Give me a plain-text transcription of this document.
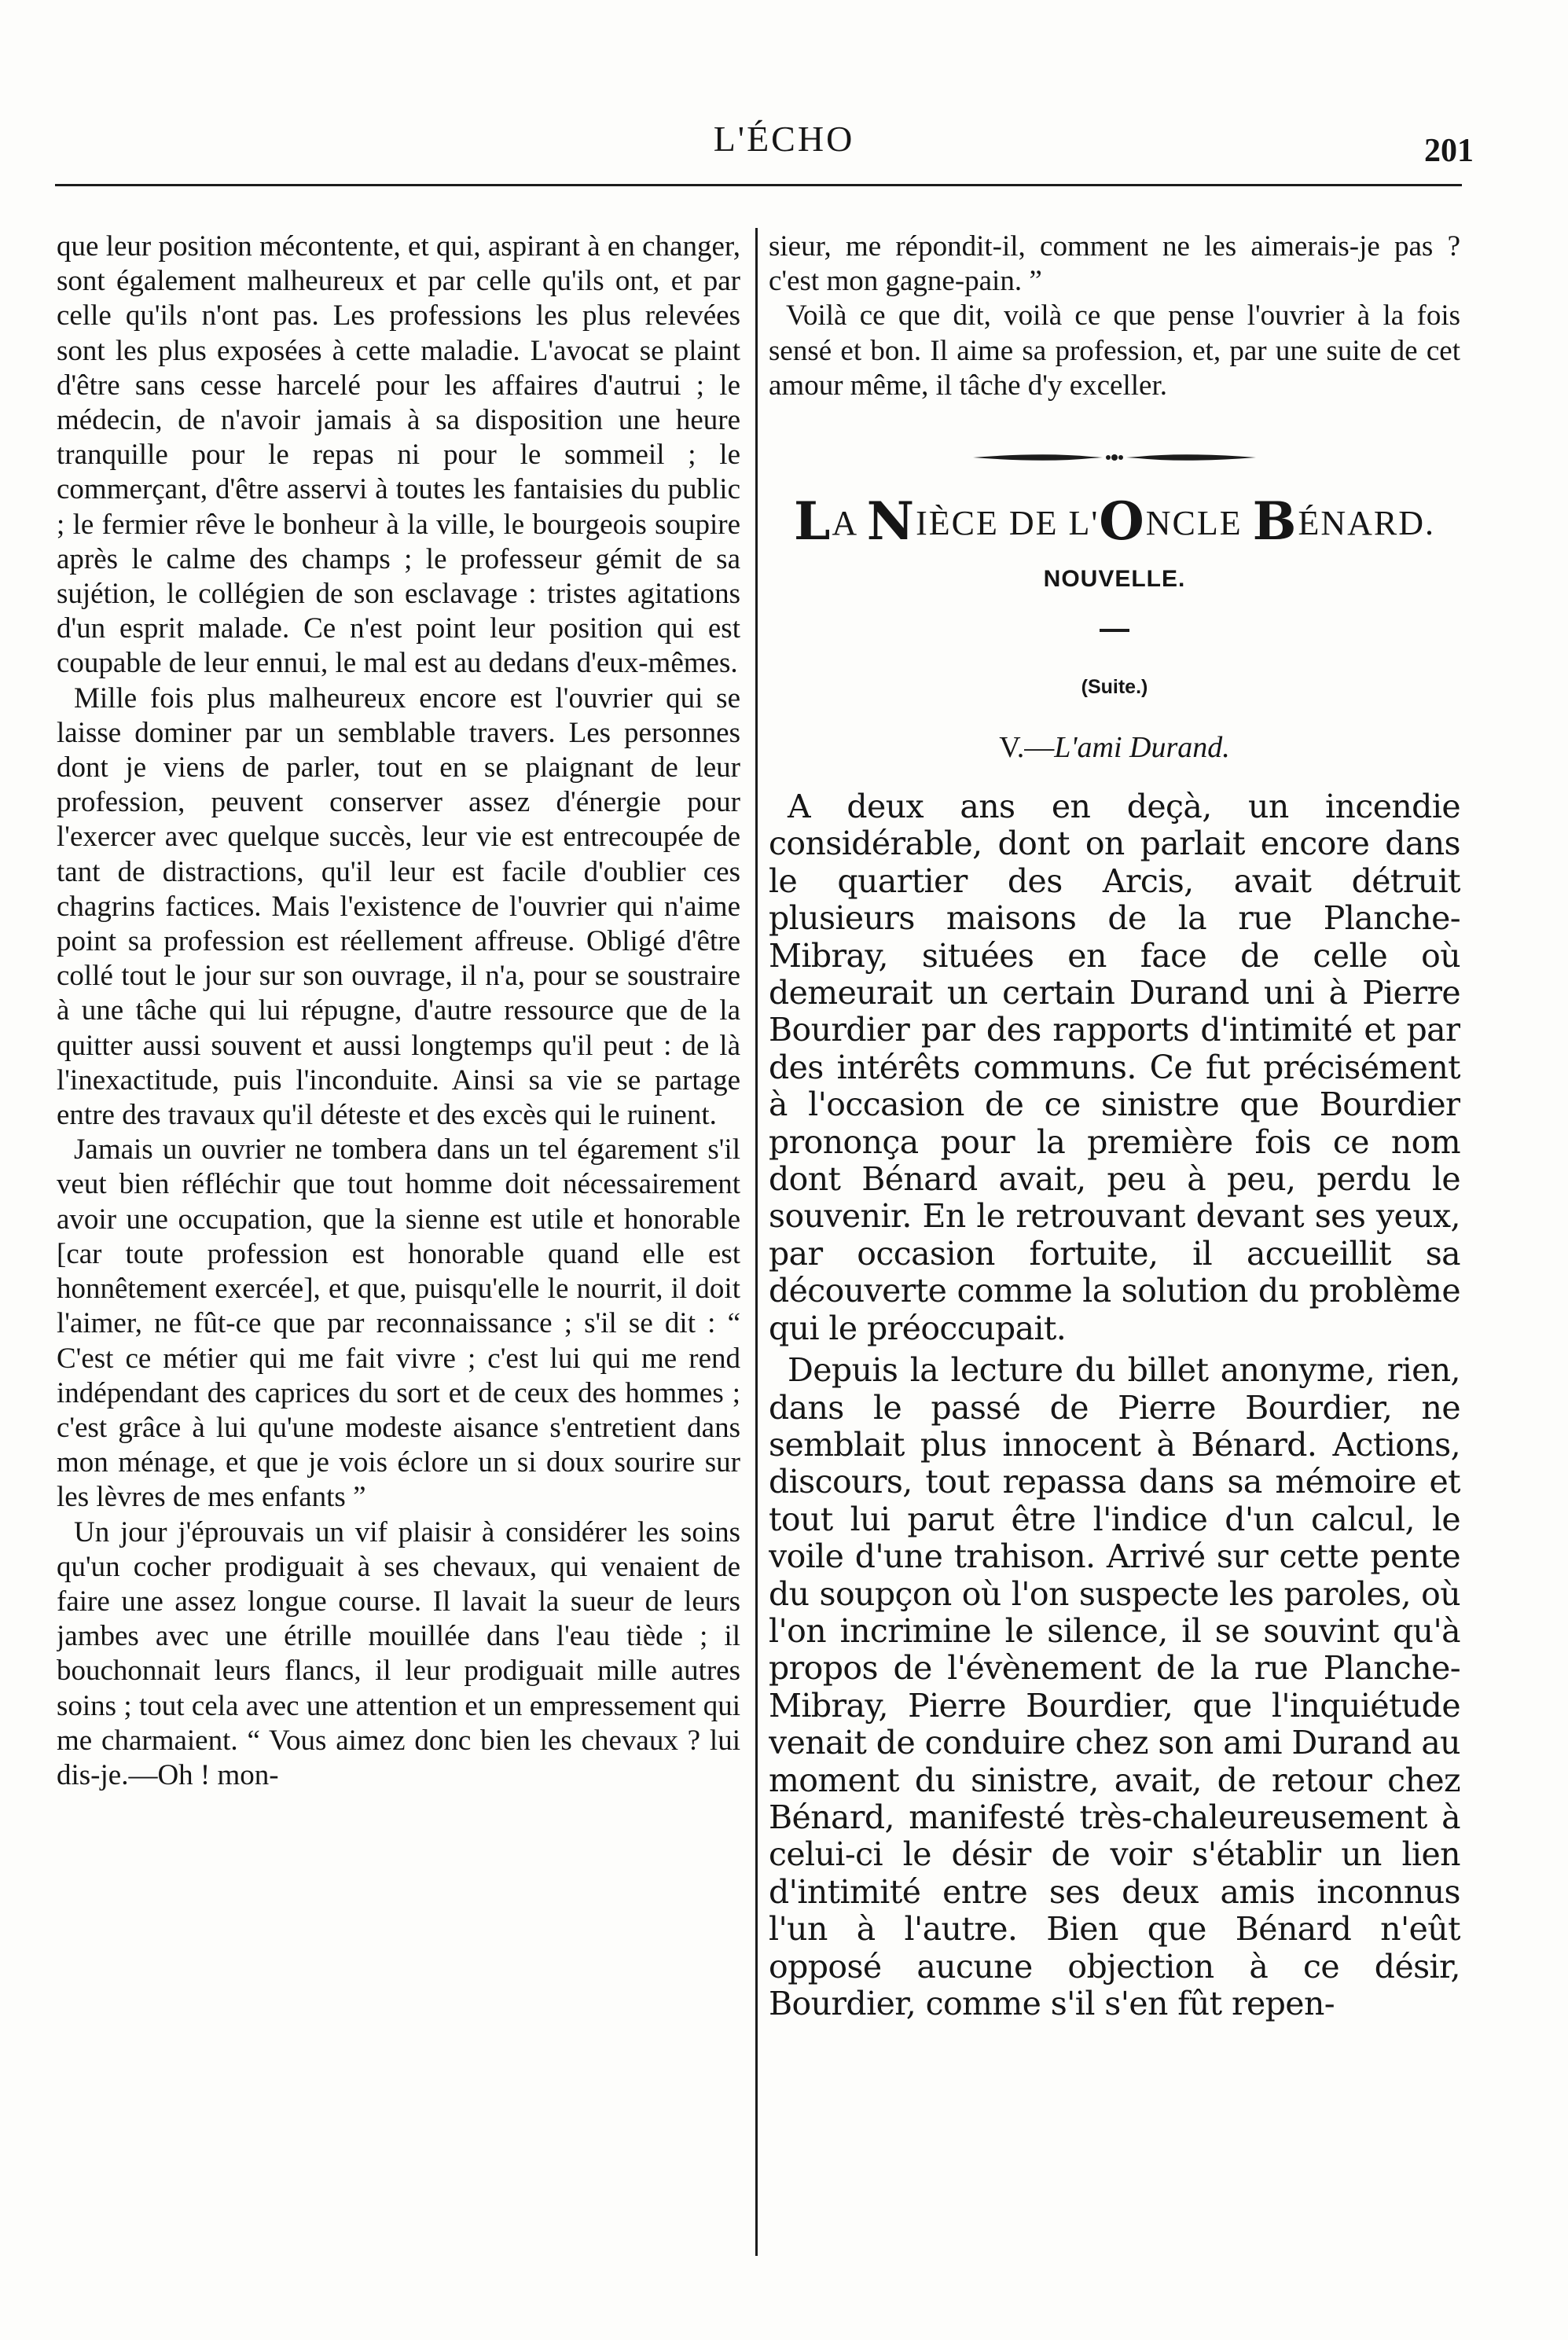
L'ÉCHO	201

que leur position mécontente, et qui, aspirant à en changer, sont également malheureux et par celle qu'ils ont, et par celle qu'ils n'ont pas. Les professions les plus relevées sont les plus exposées à cette maladie. L'avocat se plaint d'être sans cesse harcelé pour les affaires d'autrui ; le médecin, de n'avoir jamais à sa disposition une heure tranquille pour le repas ni pour le sommeil ; le commerçant, d'être asservi à toutes les fantaisies du public ; le fermier rêve le bonheur à la ville, le bourgeois soupire après le calme des champs ; le professeur gémit de sa sujétion, le collégien de son esclavage : tristes agitations d'un esprit malade. Ce n'est point leur position qui est coupable de leur ennui, le mal est au dedans d'eux-mêmes.

Mille fois plus malheureux encore est l'ouvrier qui se laisse dominer par un semblable travers. Les personnes dont je viens de parler, tout en se plaignant de leur profession, peuvent conserver assez d'énergie pour l'exercer avec quelque succès, leur vie est entrecoupée de tant de distractions, qu'il leur est facile d'oublier ces chagrins factices. Mais l'existence de l'ouvrier qui n'aime point sa profession est réellement affreuse. Obligé d'être collé tout le jour sur son ouvrage, il n'a, pour se soustraire à une tâche qui lui répugne, d'autre ressource que de la quitter aussi souvent et aussi longtemps qu'il peut : de là l'inexactitude, puis l'inconduite. Ainsi sa vie se partage entre des travaux qu'il déteste et des excès qui le ruinent.

Jamais un ouvrier ne tombera dans un tel égarement s'il veut bien réfléchir que tout homme doit nécessairement avoir une occupation, que la sienne est utile et honorable [car toute profession est honorable quand elle est honnêtement exercée], et que, puisqu'elle le nourrit, il doit l'aimer, ne fût-ce que par reconnaissance ; s'il se dit : “ C'est ce métier qui me fait vivre ; c'est lui qui me rend indépendant des caprices du sort et de ceux des hommes ; c'est grâce à lui qu'une modeste aisance s'entretient dans mon ménage, et que je vois éclore un si doux sourire sur les lèvres de mes enfants ”

Un jour j'éprouvais un vif plaisir à considérer les soins qu'un cocher prodiguait à ses chevaux, qui venaient de faire une assez longue course. Il lavait la sueur de leurs jambes avec une étrille mouillée dans l'eau tiède ; il bouchonnait leurs flancs, il leur prodiguait mille autres soins ; tout cela avec une attention et un empressement qui me charmaient. “ Vous aimez donc bien les chevaux ? lui dis-je.—Oh ! mon-

sieur, me répondit-il, comment ne les aimerais-je pas ? c'est mon gagne-pain. ”

Voilà ce que dit, voilà ce que pense l'ouvrier à la fois sensé et bon. Il aime sa profession, et, par une suite de cet amour même, il tâche d'y exceller.

LA NIÈCE DE L'ONCLE BÉNARD.
NOUVELLE.
(Suite.)
V.—L'ami Durand.

A deux ans en deçà, un incendie considérable, dont on parlait encore dans le quartier des Arcis, avait détruit plusieurs maisons de la rue Planche-Mibray, situées en face de celle où demeurait un certain Durand uni à Pierre Bourdier par des rapports d'intimité et par des intérêts communs. Ce fut précisément à l'occasion de ce sinistre que Bourdier prononça pour la première fois ce nom dont Bénard avait, peu à peu, perdu le souvenir. En le retrouvant devant ses yeux, par occasion fortuite, il accueillit sa découverte comme la solution du problème qui le préoccupait.

Depuis la lecture du billet anonyme, rien, dans le passé de Pierre Bourdier, ne semblait plus innocent à Bénard. Actions, discours, tout repassa dans sa mémoire et tout lui parut être l'indice d'un calcul, le voile d'une trahison. Arrivé sur cette pente du soupçon où l'on suspecte les paroles, où l'on incrimine le silence, il se souvint qu'à propos de l'évènement de la rue Planche-Mibray, Pierre Bourdier, que l'inquiétude venait de conduire chez son ami Durand au moment du sinistre, avait, de retour chez Bénard, manifesté très-chaleureusement à celui-ci le désir de voir s'établir un lien d'intimité entre ses deux amis inconnus l'un à l'autre. Bien que Bénard n'eût opposé aucune objection à ce désir, Bourdier, comme s'il s'en fût repen-
